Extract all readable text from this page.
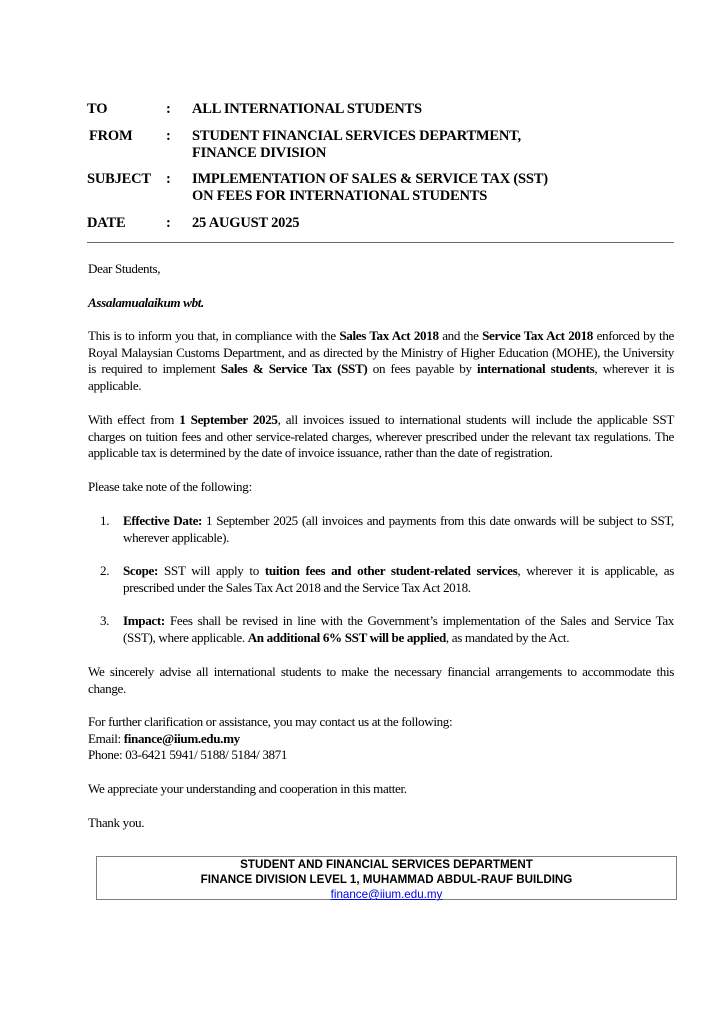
TO	: ALL INTERNATIONAL STUDENTS
FROM : STUDENT FINANCIAL SERVICES DEPARTMENT,
FINANCE DIVISION
SUBJECT : IMPLEMENTATION OF SALES & SERVICE TAX (SST)
ON FEES FOR INTERNATIONAL STUDENTS
DATE	: 25 AUGUST 2025

Dear Students,

Assalamualaikum wbt.

This is to inform you that, in compliance with the Sales Tax Act 2018 and the Service Tax Act 2018 enforced by the Royal Malaysian Customs Department, and as directed by the Ministry of Higher Education (MOHE), the University is required to implement Sales & Service Tax (SST) on fees payable by international students, wherever it is applicable.

With effect from 1 September 2025, all invoices issued to international students will include the applicable SST charges on tuition fees and other service-related charges, wherever prescribed under the relevant tax regulations. The applicable tax is determined by the date of invoice issuance, rather than the date of registration.

Please take note of the following:

1. Effective Date: 1 September 2025 (all invoices and payments from this date onwards will be subject to SST, wherever applicable).
2. Scope: SST will apply to tuition fees and other student-related services, wherever it is applicable, as prescribed under the Sales Tax Act 2018 and the Service Tax Act 2018.
3. Impact: Fees shall be revised in line with the Government’s implementation of the Sales and Service Tax (SST), where applicable. An additional 6% SST will be applied, as mandated by the Act.

We sincerely advise all international students to make the necessary financial arrangements to accommodate this change.

For further clarification or assistance, you may contact us at the following:

Email: finance@iium.edu.my

Phone: 03-6421 5941/ 5188/ 5184/ 3871

We appreciate your understanding and cooperation in this matter.

Thank you.

STUDENT AND FINANCIAL SERVICES DEPARTMENT
FINANCE DIVISION LEVEL 1, MUHAMMAD ABDUL-RAUF BUILDING
finance@iium.edu.my
